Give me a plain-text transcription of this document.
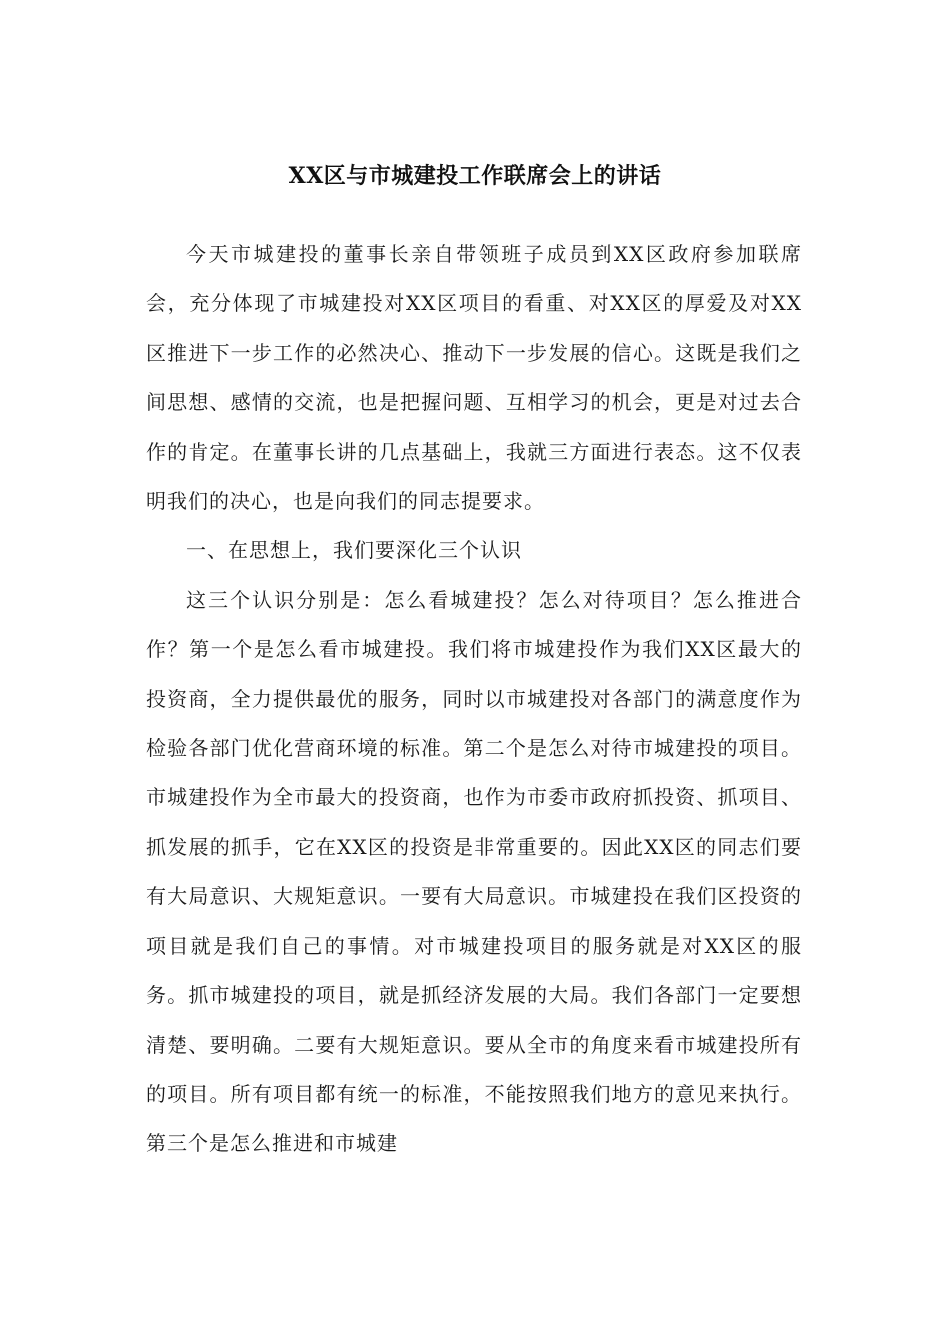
XX区与市城建投工作联席会上的讲话

今天市城建投的董事长亲自带领班子成员到XX区政府参加联席会，充分体现了市城建投对XX区项目的看重、对XX区的厚爱及对XX区推进下一步工作的必然决心、推动下一步发展的信心。这既是我们之间思想、感情的交流，也是把握问题、互相学习的机会，更是对过去合作的肯定。在董事长讲的几点基础上，我就三方面进行表态。这不仅表明我们的决心，也是向我们的同志提要求。

一、在思想上，我们要深化三个认识

这三个认识分别是：怎么看城建投？怎么对待项目？怎么推进合作？第一个是怎么看市城建投。我们将市城建投作为我们XX区最大的投资商，全力提供最优的服务，同时以市城建投对各部门的满意度作为检验各部门优化营商环境的标准。第二个是怎么对待市城建投的项目。市城建投作为全市最大的投资商，也作为市委市政府抓投资、抓项目、抓发展的抓手，它在XX区的投资是非常重要的。因此XX区的同志们要有大局意识、大规矩意识。一要有大局意识。市城建投在我们区投资的项目就是我们自己的事情。对市城建投项目的服务就是对XX区的服务。抓市城建投的项目，就是抓经济发展的大局。我们各部门一定要想清楚、要明确。二要有大规矩意识。要从全市的角度来看市城建投所有的项目。所有项目都有统一的标准，不能按照我们地方的意见来执行。第三个是怎么推进和市城建
